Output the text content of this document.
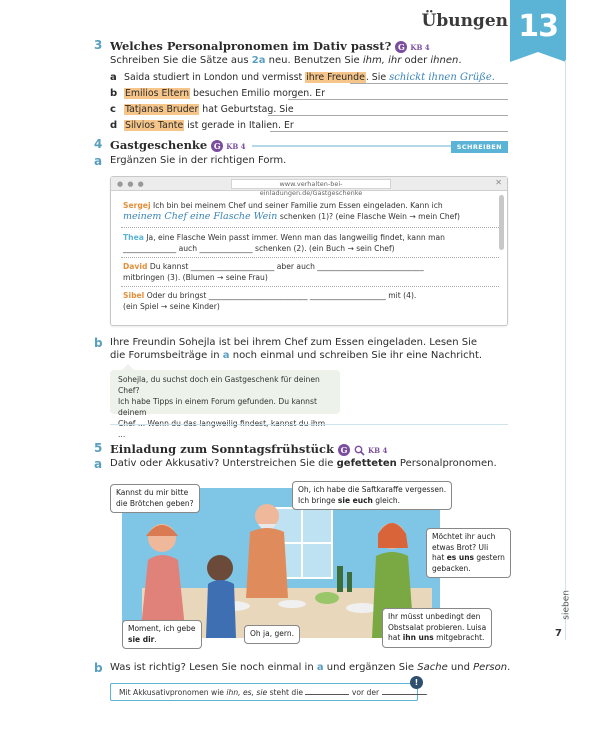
Übungen 13
sieben
7
3 Welches Personalpronomen im Dativ passt? G KB 4
Schreiben Sie die Sätze aus 2a neu. Benutzen Sie ihm, ihr oder ihnen.
a Saida studiert in London und vermisst ihre Freunde. Sie schickt ihnen Grüße.
b Emilios Eltern besuchen Emilio morgen. Er
c Tatjanas Bruder hat Geburtstag. Sie
d Silvios Tante ist gerade in Italien. Er
4 Gastgeschenke G KB 4	SCHREIBEN
a Ergänzen Sie in der richtigen Form.
● ● ●	www.verhalten-bei-einladungen.de/Gastgeschenke
✕
Sergej Ich bin bei meinem Chef und seiner Familie zum Essen eingeladen. Kann ich
meinem Chef eine Flasche Wein schenken (1)? (eine Flasche Wein → mein Chef)
Thea Ja, eine Flasche Wein passt immer. Wenn man das langweilig findet, kann man
______________ auch ______________ schenken (2). (ein Buch → sein Chef)
David Du kannst ______________________ aber auch ____________________________
mitbringen (3). (Blumen → seine Frau)
Sibel Oder du bringst __________________________ ____________________ mit (4).
(ein Spiel → seine Kinder)
b Ihre Freundin Sohejla ist bei ihrem Chef zum Essen eingeladen. Lesen Sie
die Forumsbeiträge in a noch einmal und schreiben Sie ihr eine Nachricht.
Sohejla, du suchst doch ein Gastgeschenk für deinen Chef?
Ich habe Tipps in einem Forum gefunden. Du kannst deinem
...
5 Einladung zum Sonntagsfrühstück G	KB 4
a Dativ oder Akkusativ? Unterstreichen Sie die gefetteten Personalpronomen.
Kannst du mir bitte
die Brötchen geben?
Oh, ich habe die Saftkaraffe vergessen.
Ich bringe sie euch gleich.
Möchtet ihr auch
etwas Brot? Uli
hat es uns gestern
gebacken.
Moment, ich gebe
sie dir.
Oh ja, gern.
Ihr müsst unbedingt den
Obstsalat probieren. Luisa
hat ihn uns mitgebracht.
b Was ist richtig? Lesen Sie noch einmal in a und ergänzen Sie Sache und Person.
Mit Akkusativpronomen wie ihn, es, sie steht die	vor der	.
!
